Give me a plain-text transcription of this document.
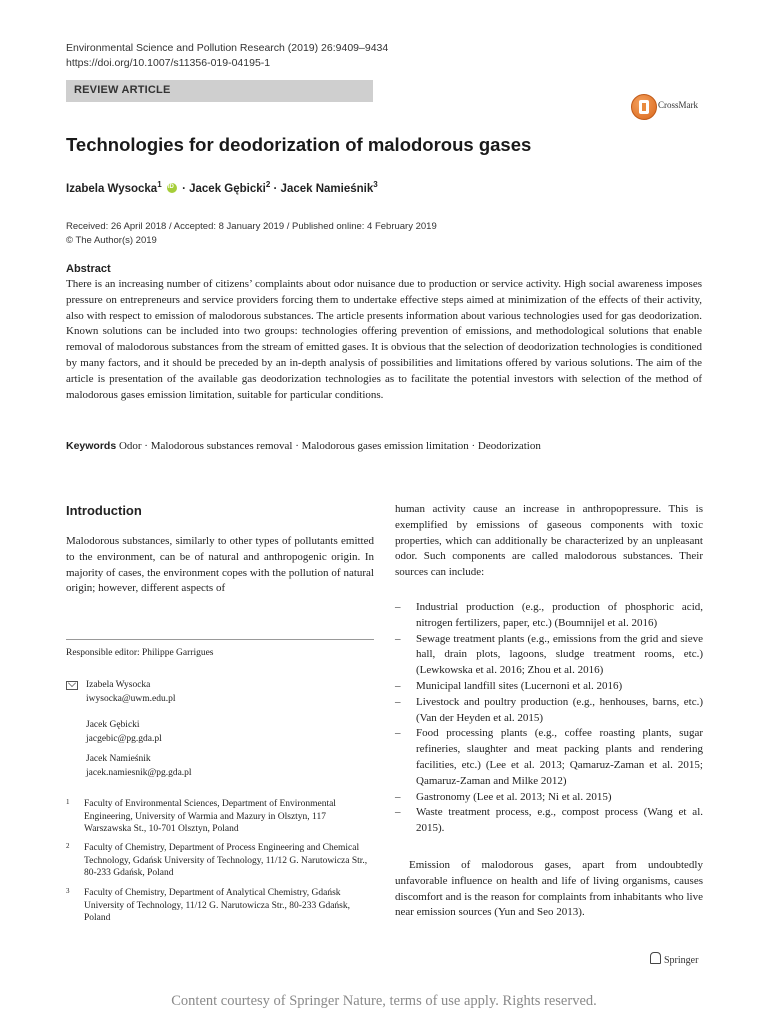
Environmental Science and Pollution Research (2019) 26:9409–9434
https://doi.org/10.1007/s11356-019-04195-1
REVIEW ARTICLE
CrossMark
Technologies for deodorization of malodorous gases
Izabela Wysocka$^1$ iD · Jacek Gębicki$^2$ · Jacek Namieśnik$^3$
Received: 26 April 2018 / Accepted: 8 January 2019 / Published online: 4 February 2019
© The Author(s) 2019
Abstract
There is an increasing number of citizens’ complaints about odor nuisance due to production or service activity. High social awareness imposes pressure on entrepreneurs and service providers forcing them to undertake effective steps aimed at minimization of the effects of their activity, also with respect to emission of malodorous substances. The article presents information about various technologies used for gas deodorization. Known solutions can be included into two groups: technologies offering prevention of emissions, and methodological solutions that enable removal of malodorous substances from the stream of emitted gases. It is obvious that the selection of deodorization technologies is conditioned by many factors, and it should be preceded by an in-depth analysis of possibilities and limitations offered by various solutions. The aim of the article is presentation of the available gas deodorization technologies as to facilitate the potential investors with selection of the method of malodorous gases emission limitation, suitable for particular conditions.
Keywords Odor · Malodorous substances removal · Malodorous gases emission limitation · Deodorization
Introduction
Malodorous substances, similarly to other types of pollutants emitted to the environment, can be of natural and anthropogenic origin. In majority of cases, the environment copes with the pollution of natural origin; however, different aspects of
Responsible editor: Philippe Garrigues
Izabela Wysocka
iwysocka@uwm.edu.pl
Jacek Gębicki
jacgebic@pg.gda.pl
Jacek Namieśnik
jacek.namiesnik@pg.gda.pl
1 Faculty of Environmental Sciences, Department of Environmental Engineering, University of Warmia and Mazury in Olsztyn, 117 Warszawska St., 10-701 Olsztyn, Poland
2 Faculty of Chemistry, Department of Process Engineering and Chemical Technology, Gdańsk University of Technology, 11/12 G. Narutowicza Str., 80-233 Gdańsk, Poland
3 Faculty of Chemistry, Department of Analytical Chemistry, Gdańsk University of Technology, 11/12 G. Narutowicza Str., 80-233 Gdańsk, Poland
human activity cause an increase in anthropopressure. This is exemplified by emissions of gaseous components with toxic properties, which can additionally be characterized by an unpleasant odor. Such components are called malodorous substances. Their sources can include:
– Industrial production (e.g., production of phosphoric acid, nitrogen fertilizers, paper, etc.) (Boumnijel et al. 2016)
– Sewage treatment plants (e.g., emissions from the grid and sieve hall, drain plots, lagoons, sludge treatment rooms, etc.) (Lewkowska et al. 2016; Zhou et al. 2016)
– Municipal landfill sites (Lucernoni et al. 2016)
– Livestock and poultry production (e.g., henhouses, barns, etc.) (Van der Heyden et al. 2015)
– Food processing plants (e.g., coffee roasting plants, sugar refineries, slaughter and meat packing plants and rendering facilities, etc.) (Lee et al. 2013; Qamaruz-Zaman et al. 2015; Qamaruz-Zaman and Milke 2012)
– Gastronomy (Lee et al. 2013; Ni et al. 2015)
– Waste treatment process, e.g., compost process (Wang et al. 2015).
Emission of malodorous gases, apart from undoubtedly unfavorable influence on health and life of living organisms, causes discomfort and is the reason for complaints from inhabitants who live near emission sources (Yun and Seo 2013).
Springer
Content courtesy of Springer Nature, terms of use apply. Rights reserved.
